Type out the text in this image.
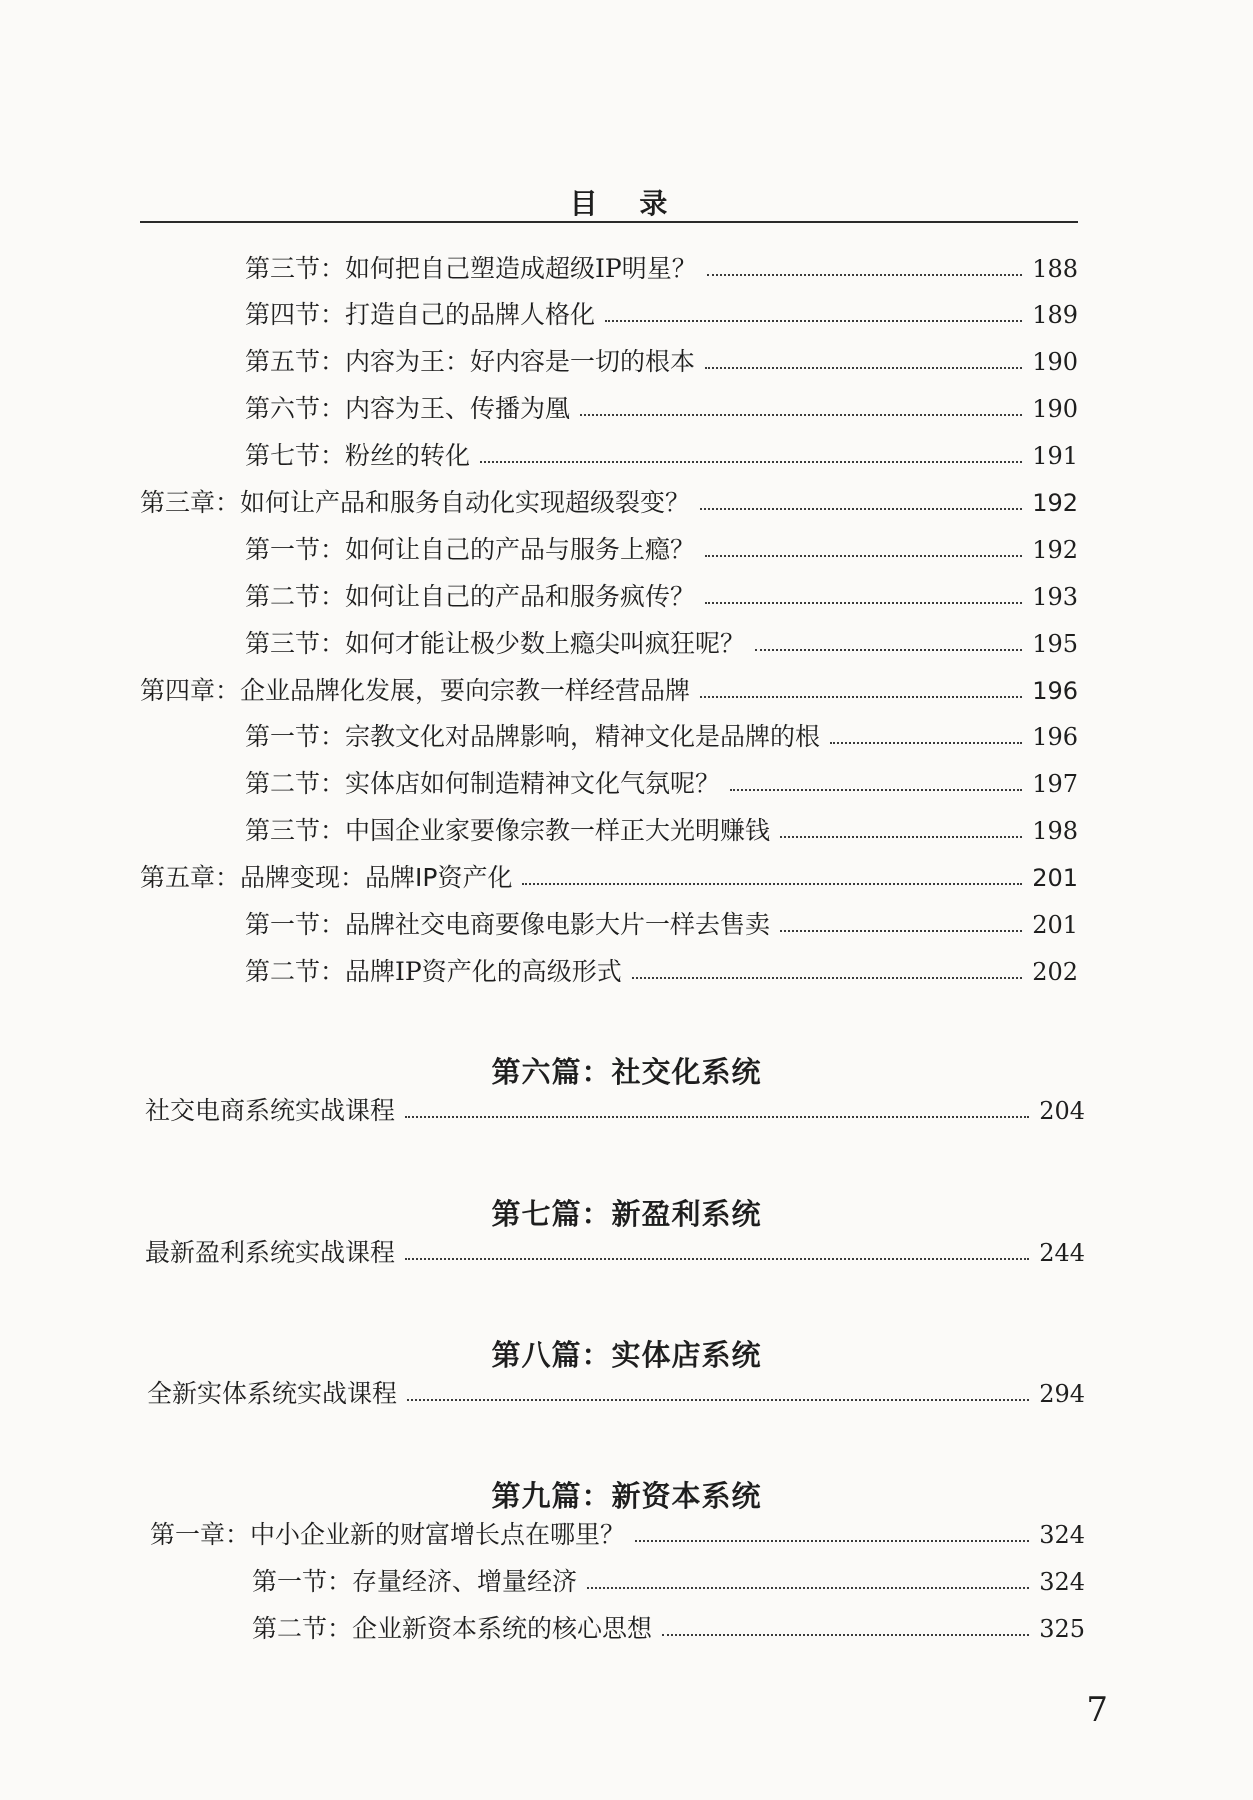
目 录
第三节：如何把自己塑造成超级IP明星？	188
第四节：打造自己的品牌人格化	189
第五节：内容为王：好内容是一切的根本	190
第六节：内容为王、传播为凰	190
第七节：粉丝的转化	191
第三章：如何让产品和服务自动化实现超级裂变？	192
第一节：如何让自己的产品与服务上瘾？	192
第二节：如何让自己的产品和服务疯传？	193
第三节：如何才能让极少数上瘾尖叫疯狂呢？	195
第四章：企业品牌化发展，要向宗教一样经营品牌	196
第一节：宗教文化对品牌影响，精神文化是品牌的根	196
第二节：实体店如何制造精神文化气氛呢？	197
第三节：中国企业家要像宗教一样正大光明赚钱	198
第五章：品牌变现：品牌IP资产化	201
第一节：品牌社交电商要像电影大片一样去售卖	201
第二节：品牌IP资产化的高级形式	202
第六篇：社交化系统
社交电商系统实战课程	204
第七篇：新盈利系统
最新盈利系统实战课程	244
第八篇：实体店系统
全新实体系统实战课程	294
第九篇：新资本系统
第一章：中小企业新的财富增长点在哪里？	324
第一节：存量经济、增量经济	324
第二节：企业新资本系统的核心思想	325
7
